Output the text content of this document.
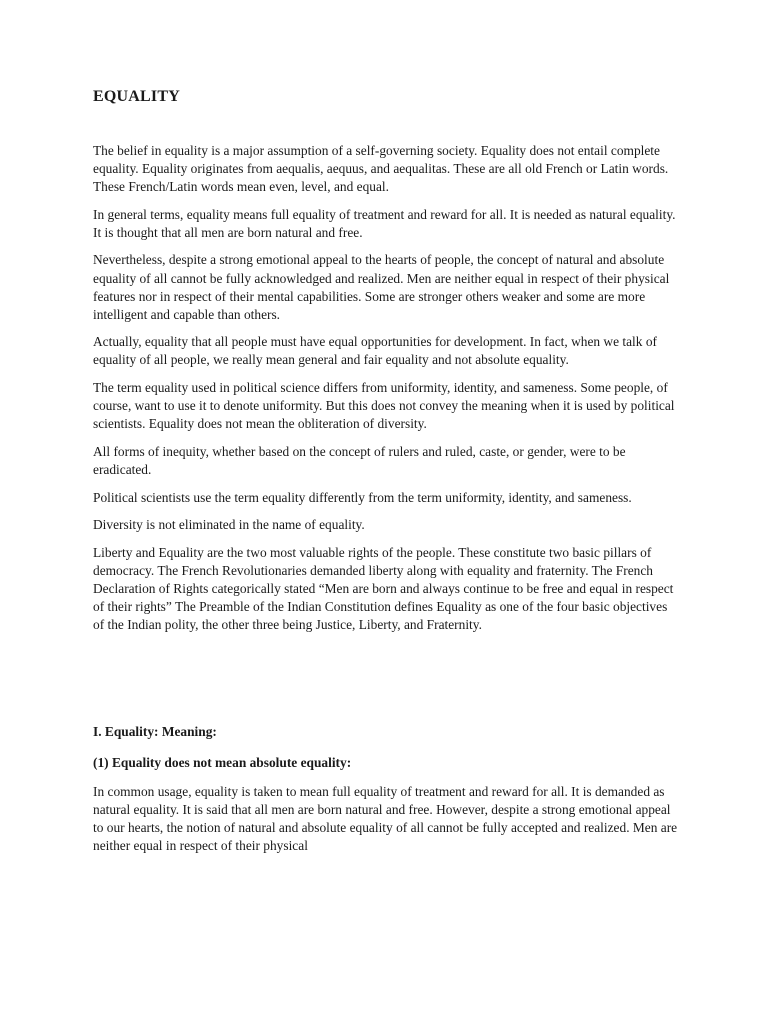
EQUALITY

The belief in equality is a major assumption of a self-governing society. Equality does not entail complete equality. Equality originates from aequalis, aequus, and aequalitas. These are all old French or Latin words. These French/Latin words mean even, level, and equal.

In general terms, equality means full equality of treatment and reward for all. It is needed as natural equality. It is thought that all men are born natural and free.

Nevertheless, despite a strong emotional appeal to the hearts of people, the concept of natural and absolute equality of all cannot be fully acknowledged and realized. Men are neither equal in respect of their physical features nor in respect of their mental capabilities. Some are stronger others weaker and some are more intelligent and capable than others.

Actually, equality that all people must have equal opportunities for development. In fact, when we talk of equality of all people, we really mean general and fair equality and not absolute equality.

The term equality used in political science differs from uniformity, identity, and sameness. Some people, of course, want to use it to denote uniformity. But this does not convey the meaning when it is used by political scientists. Equality does not mean the obliteration of diversity.

All forms of inequity, whether based on the concept of rulers and ruled, caste, or gender, were to be eradicated.

Political scientists use the term equality differently from the term uniformity, identity, and sameness.

Diversity is not eliminated in the name of equality.

Liberty and Equality are the two most valuable rights of the people. These constitute two basic pillars of democracy. The French Revolutionaries demanded liberty along with equality and fraternity. The French Declaration of Rights categorically stated “Men are born and always continue to be free and equal in respect of their rights” The Preamble of the Indian Constitution defines Equality as one of the four basic objectives of the Indian polity, the other three being Justice, Liberty, and Fraternity.

I. Equality: Meaning:
(1) Equality does not mean absolute equality:

In common usage, equality is taken to mean full equality of treatment and reward for all. It is demanded as natural equality. It is said that all men are born natural and free. However, despite a strong emotional appeal to our hearts, the notion of natural and absolute equality of all cannot be fully accepted and realized. Men are neither equal in respect of their physical
